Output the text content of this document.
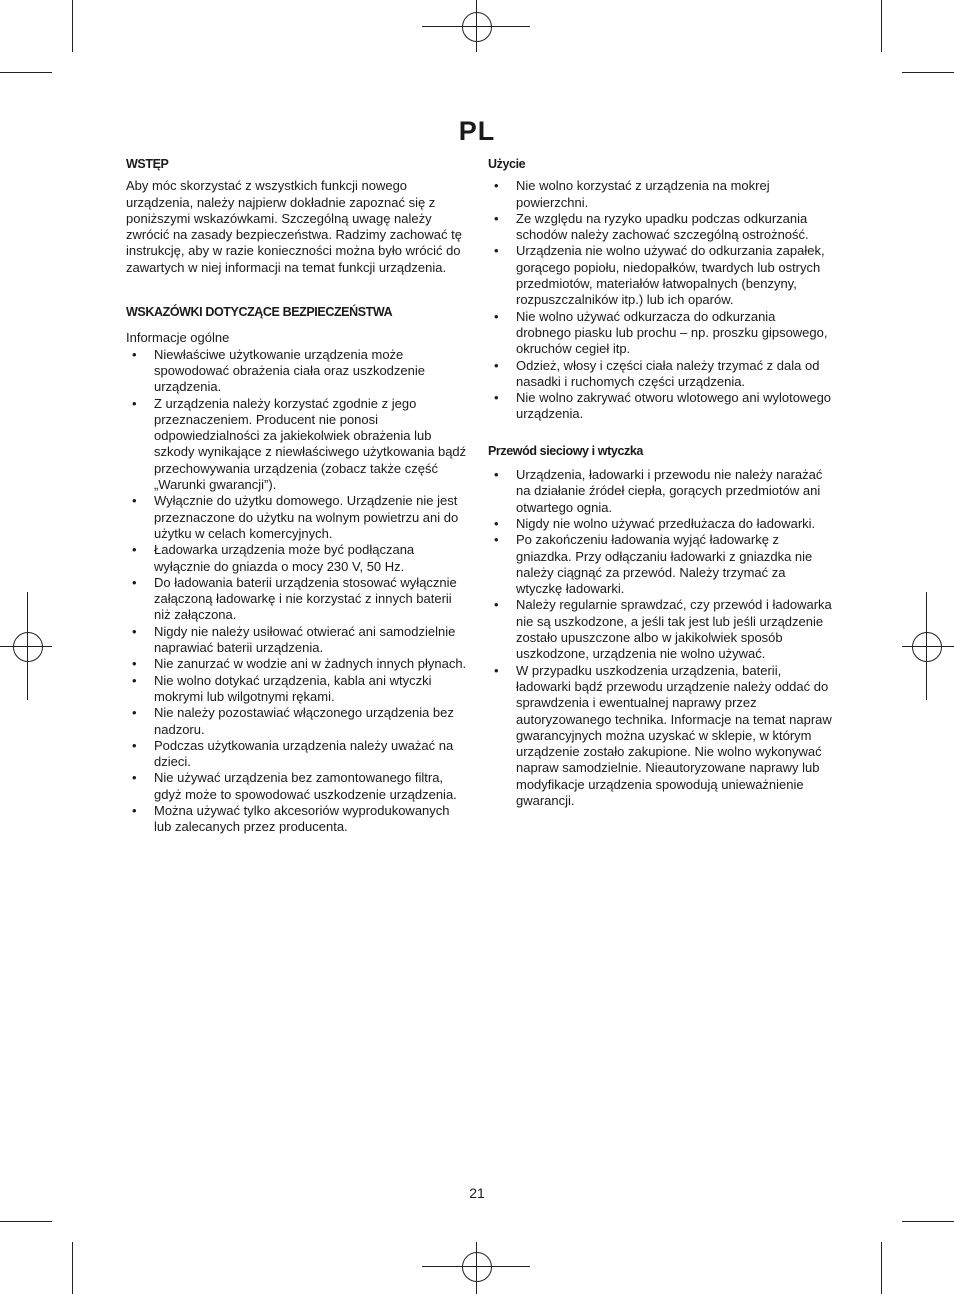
PL
WSTĘP

Aby móc skorzystać z wszystkich funkcji nowego urządzenia, należy najpierw dokładnie zapoznać się z poniższymi wskazówkami. Szczególną uwagę należy zwrócić na zasady bezpieczeństwa. Radzimy zachować tę instrukcję, aby w razie konieczności można było wrócić do zawartych w niej informacji na temat funkcji urządzenia.

WSKAZÓWKI DOTYCZĄCE BEZPIECZEŃSTWA

Informacje ogólne

• Niewłaściwe użytkowanie urządzenia może spowodować obrażenia ciała oraz uszkodzenie urządzenia.
• Z urządzenia należy korzystać zgodnie z jego przeznaczeniem. Producent nie ponosi odpowiedzialności za jakiekolwiek obrażenia lub szkody wynikające z niewłaściwego użytkowania bądź przechowywania urządzenia (zobacz także część „Warunki gwarancji”).
• Wyłącznie do użytku domowego. Urządzenie nie jest przeznaczone do użytku na wolnym powietrzu ani do użytku w celach komercyjnych.
• Ładowarka urządzenia może być podłączana wyłącznie do gniazda o mocy 230 V, 50 Hz.
• Do ładowania baterii urządzenia stosować wyłącznie załączoną ładowarkę i nie korzystać z innych baterii niż załączona.
• Nigdy nie należy usiłować otwierać ani samodzielnie naprawiać baterii urządzenia.
• Nie zanurzać w wodzie ani w żadnych innych płynach.
• Nie wolno dotykać urządzenia, kabla ani wtyczki mokrymi lub wilgotnymi rękami.
• Nie należy pozostawiać włączonego urządzenia bez nadzoru.
• Podczas użytkowania urządzenia należy uważać na dzieci.
• Nie używać urządzenia bez zamontowanego filtra, gdyż może to spowodować uszkodzenie urządzenia.
• Można używać tylko akcesoriów wyprodukowanych lub zalecanych przez producenta.
Użycie
• Nie wolno korzystać z urządzenia na mokrej powierzchni.
• Ze względu na ryzyko upadku podczas odkurzania schodów należy zachować szczególną ostrożność.
• Urządzenia nie wolno używać do odkurzania zapałek, gorącego popiołu, niedopałków, twardych lub ostrych przedmiotów, materiałów łatwopalnych (benzyny, rozpuszczalników itp.) lub ich oparów.
• Nie wolno używać odkurzacza do odkurzania drobnego piasku lub prochu – np. proszku gipsowego, okruchów cegieł itp.
• Odzież, włosy i części ciała należy trzymać z dala od nasadki i ruchomych części urządzenia.
• Nie wolno zakrywać otworu wlotowego ani wylotowego urządzenia.
Przewód sieciowy i wtyczka
• Urządzenia, ładowarki i przewodu nie należy narażać na działanie źródeł ciepła, gorących przedmiotów ani otwartego ognia.
• Nigdy nie wolno używać przedłużacza do ładowarki.
• Po zakończeniu ładowania wyjąć ładowarkę z gniazdka. Przy odłączaniu ładowarki z gniazdka nie należy ciągnąć za przewód. Należy trzymać za wtyczkę ładowarki.
• Należy regularnie sprawdzać, czy przewód i ładowarka nie są uszkodzone, a jeśli tak jest lub jeśli urządzenie zostało upuszczone albo w jakikolwiek sposób uszkodzone, urządzenia nie wolno używać.
• W przypadku uszkodzenia urządzenia, baterii, ładowarki bądź przewodu urządzenie należy oddać do sprawdzenia i ewentualnej naprawy przez autoryzowanego technika. Informacje na temat napraw gwarancyjnych można uzyskać w sklepie, w którym urządzenie zostało zakupione. Nie wolno wykonywać napraw samodzielnie. Nieautoryzowane naprawy lub modyfikacje urządzenia spowodują unieważnienie gwarancji.
21
